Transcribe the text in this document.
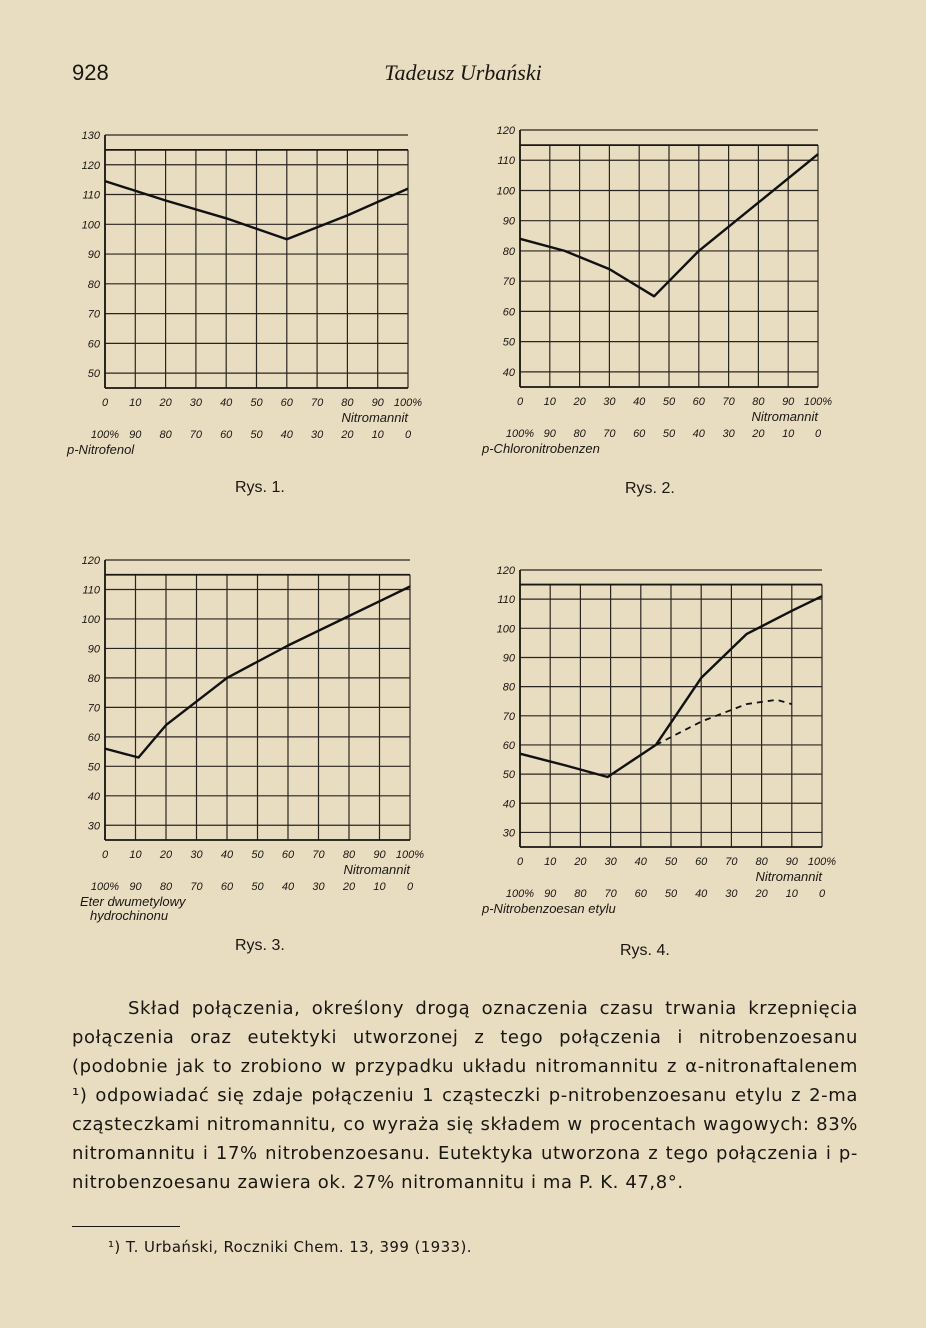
928	Tadeusz Urbański
50
60
70
80
90
100
110
120
130
0 10 20 30 40 50 60 70 80 90 100%
Nitromannit
100% 90 80 70 60 50 40 30 20 10 0
p-Nitrofenol
Rys. 1.
40
50
60
70
80
90
100
110
120
0 10 20 30 40 50 60 70 80 90 100%
Nitromannit
100% 90 80 70 60 50 40 30 20 10 0
p-Chloronitrobenzen
Rys. 2.
30
40
50
60
70
80
90
100
110
120
0 10 20 30 40 50 60 70 80 90 100%
Nitromannit
100% 90 80 70 60 50 40 30 20 10 0
Eter dwumetylowy
hydrochinonu
Rys. 3.
30
40
50
60
70
80
90
100
110
120
0 10 20 30 40 50 60 70 80 90 100%
Nitromannit
100% 90 80 70 60 50 40 30 20 10 0
p-Nitrobenzoesan etylu
Rys. 4.

Skład połączenia, określony drogą oznaczenia czasu trwania krzepnięcia połączenia oraz eutektyki utworzonej z tego połączenia i nitrobenzoesanu (podobnie jak to zrobiono w przypadku układu nitromannitu z α-nitronaftalenem ¹) odpowiadać się zdaje połączeniu 1 cząsteczki p-nitrobenzoesanu etylu z 2-ma cząsteczkami nitromannitu, co wyraża się składem w procentach wagowych: 83% nitromannitu i 17% nitrobenzoesanu. Eutektyka utworzona z tego połączenia i p-nitrobenzoesanu zawiera ok. 27% nitromannitu i ma P. K. 47,8°.

¹) T. Urbański, Roczniki Chem. 13, 399 (1933).
